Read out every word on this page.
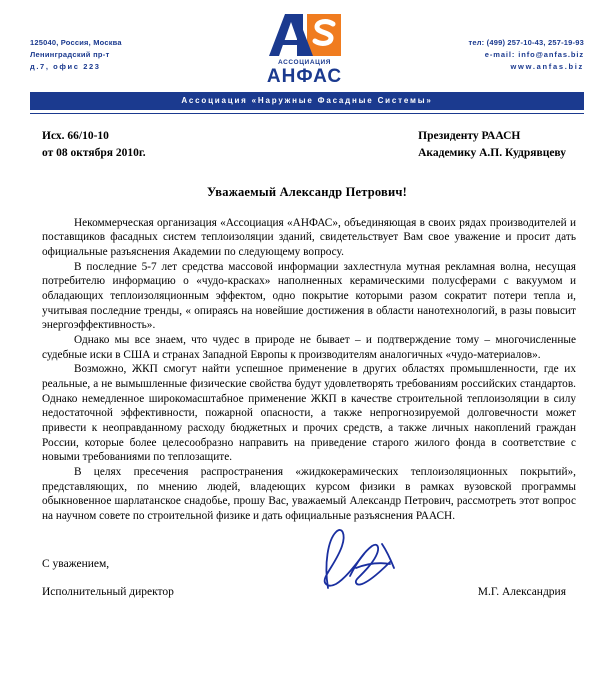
125040, Россия, Москва
Ленинградский пр-т
д.7, офис 223	АССОЦИАЦИЯ
АНФАС
тел: (499) 257-10-43, 257-19-93
e-mail: info@anfas.biz
www.anfas.biz
Ассоциация «Наружные Фасадные Системы»
Исх. 66/10-10
от 08 октября 2010г.
Президенту РААСН
Академику А.П. Кудрявцеву
Уважаемый Александр Петрович!

Некоммерческая организация «Ассоциация «АНФАС», объединяющая в своих рядах производителей и поставщиков фасадных систем теплоизоляции зданий, свидетельствует Вам свое уважение и просит дать официальные разъяснения Академии по следующему вопросу.

В последние 5-7 лет средства массовой информации захлестнула мутная рекламная волна, несущая потребителю информацию о «чудо-красках» наполненных керамическими полусферами с вакуумом и обладающих теплоизоляционным эффектом, одно покрытие которыми разом сократит потери тепла и, учитывая последние тренды, « опираясь на новейшие достижения в области нанотехнологий, в разы повысит энергоэффективность».

Однако мы все знаем, что чудес в природе не бывает – и подтверждение тому – многочисленные судебные иски в США и странах Западной Европы к производителям аналогичных «чудо-материалов».

Возможно, ЖКП смогут найти успешное применение в других областях промышленности, где их реальные, а не вымышленные физические свойства будут удовлетворять требованиям российских стандартов. Однако немедленное широкомасштабное применение ЖКП в качестве строительной теплоизоляции в силу недостаточной эффективности, пожарной опасности, а также непрогнозируемой долговечности может привести к неоправданному расходу бюджетных и прочих средств, а также личных накоплений граждан России, которые более целесообразно направить на приведение старого жилого фонда в соответствие с новыми требованиями по теплозащите.

В целях пресечения распространения «жидкокерамических теплоизоляционных покрытий», представляющих, по мнению людей, владеющих курсом физики в рамках вузовской программы обыкновенное шарлатанское снадобье, прошу Вас, уважаемый Александр Петрович, рассмотреть этот вопрос на научном совете по строительной физике и дать официальные разъяснения РААСН.

С уважением,
Исполнительный директор	М.Г. Александрия
